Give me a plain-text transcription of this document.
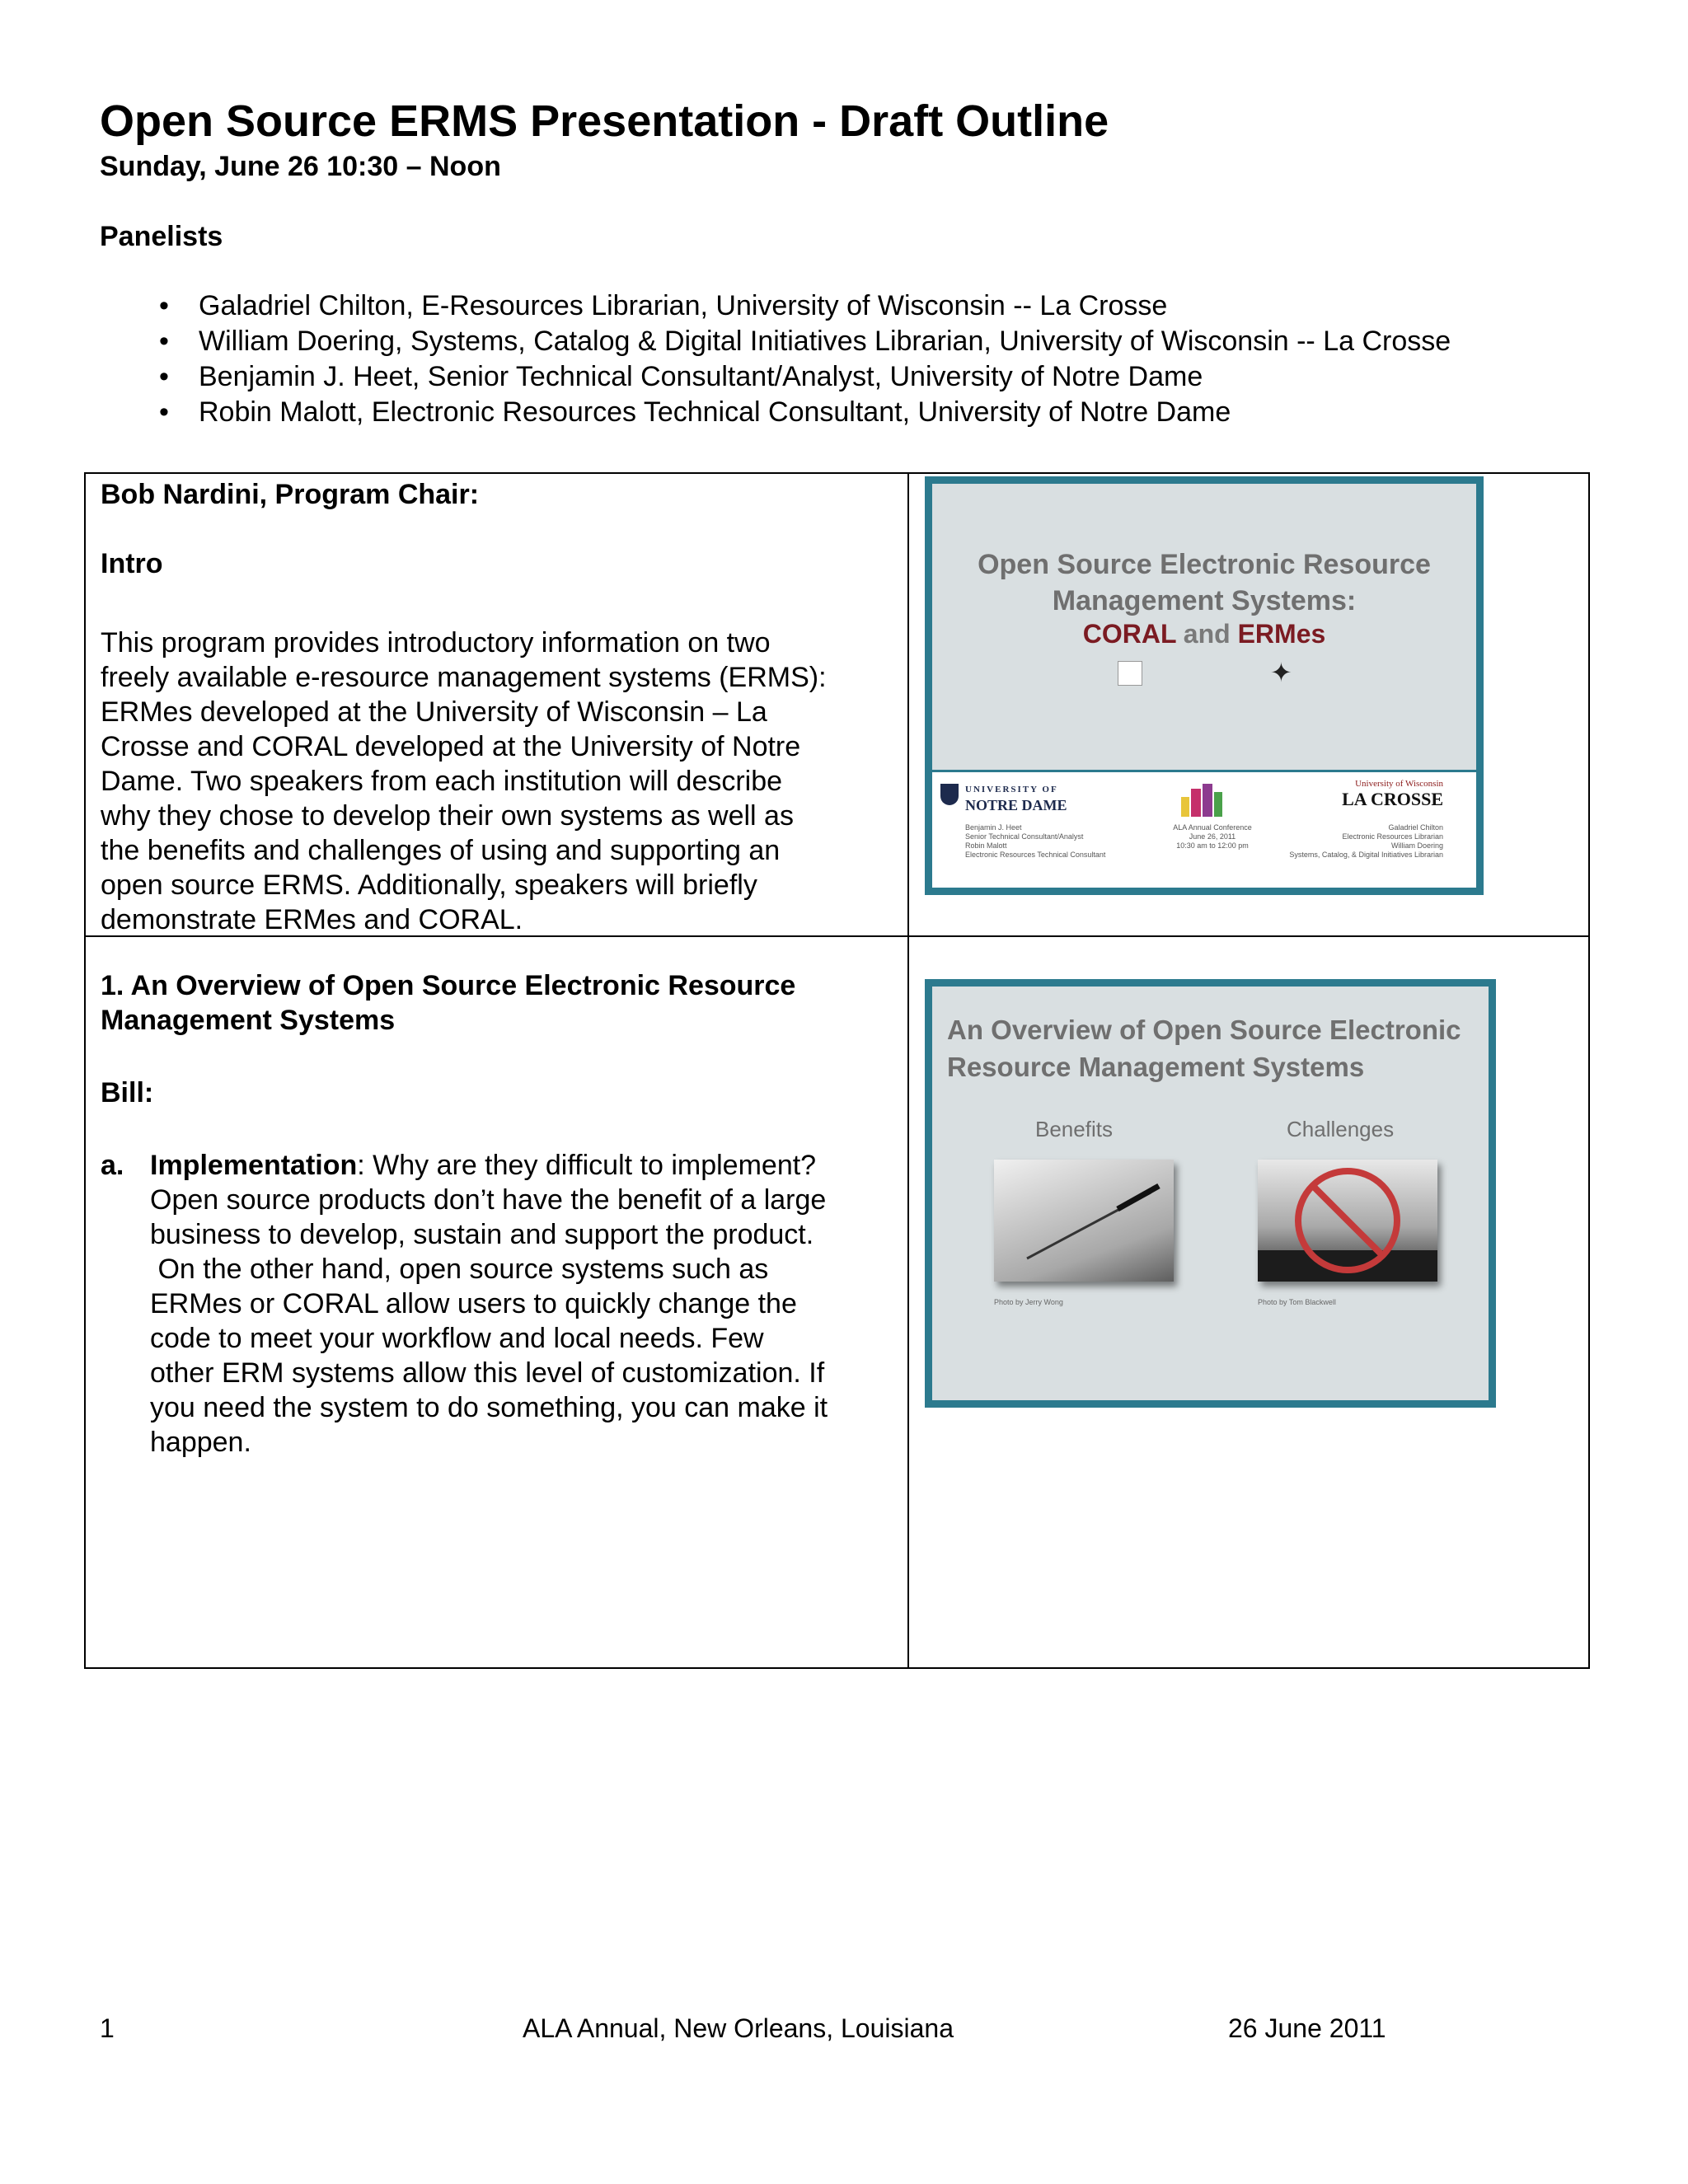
Open Source ERMS Presentation - Draft Outline
Sunday, June 26 10:30 – Noon
Panelists
• Galadriel Chilton, E-Resources Librarian, University of Wisconsin -- La Crosse
• William Doering, Systems, Catalog & Digital Initiatives Librarian, University of Wisconsin -- La Crosse
• Benjamin J. Heet, Senior Technical Consultant/Analyst, University of Notre Dame
• Robin Malott, Electronic Resources Technical Consultant, University of Notre Dame
Bob Nardini, Program Chair:
Intro
This program provides introductory information on two
freely available e-resource management systems (ERMS):
ERMes developed at the University of Wisconsin – La
Crosse and CORAL developed at the University of Notre
Dame. Two speakers from each institution will describe
why they chose to develop their own systems as well as
the benefits and challenges of using and supporting an
open source ERMS. Additionally, speakers will briefly
demonstrate ERMes and CORAL.
1. An Overview of Open Source Electronic Resource
Management Systems
Bill:
a. Implementation: Why are they difficult to implement?
Open source products don’t have the benefit of a large
business to develop, sustain and support the product.
On the other hand, open source systems such as
ERMes or CORAL allow users to quickly change the
code to meet your workflow and local needs. Few
other ERM systems allow this level of customization. If
you need the system to do something, you can make it
happen.
Open Source Electronic Resource
Management Systems:
CORAL and ERMes
✦
UNIVERSITY OF
NOTRE DAME
University of Wisconsin
LA CROSSE
Benjamin J. Heet
Senior Technical Consultant/Analyst
Robin Malott
Electronic Resources Technical Consultant
ALA Annual Conference
June 26, 2011
10:30 am to 12:00 pm
Galadriel Chilton
Electronic Resources Librarian
William Doering
Systems, Catalog, & Digital Initiatives Librarian
An Overview of Open Source Electronic
Resource Management Systems
Benefits	Challenges
Photo by Jerry Wong	Photo by Tom Blackwell
1	ALA Annual, New Orleans, Louisiana	26 June 2011
